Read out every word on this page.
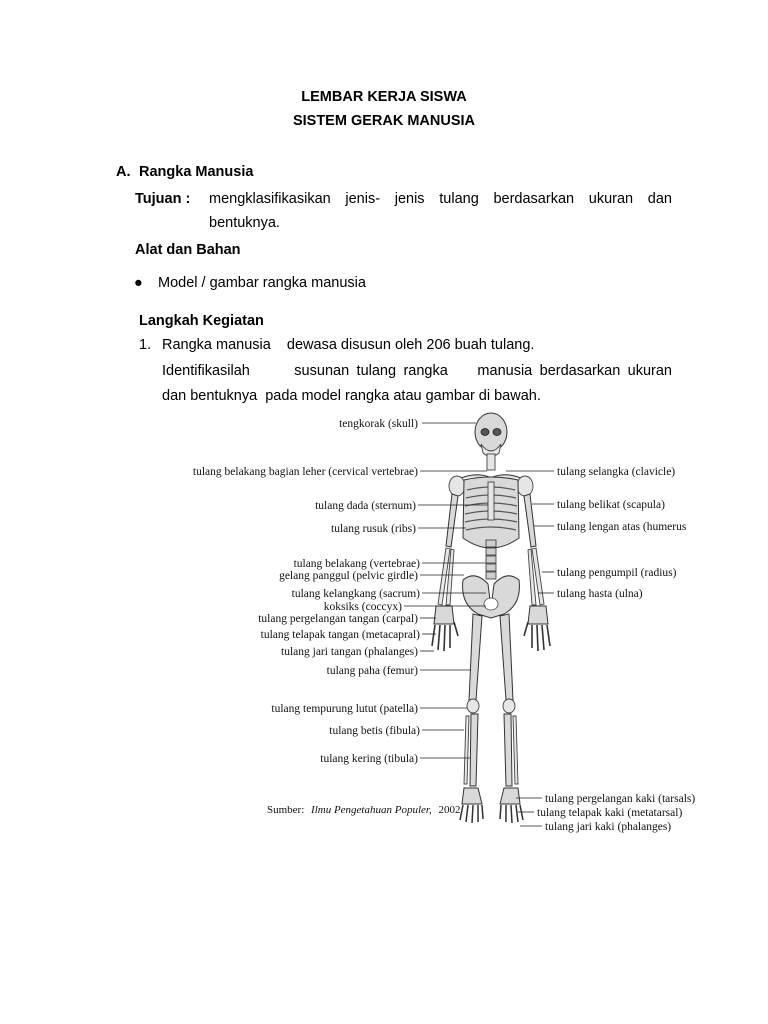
LEMBAR KERJA SISWA
SISTEM GERAK MANUSIA
A. Rangka Manusia
Tujuan : mengklasifikasikan jenis- jenis tulang berdasarkan ukuran dan
bentuknya.
Alat dan Bahan
● Model / gambar rangka manusia
Langkah Kegiatan
1. Rangka manusia    dewasa disusun oleh 206 buah tulang.
Identifikasilah      susunan tulang rangka    manusia berdasarkan ukuran
dan bentuknya  pada model rangka atau gambar di bawah.
tengkorak (skull)
tulang belakang bagian leher (cervical vertebrae)
tulang dada (sternum)
tulang rusuk (ribs)
tulang belakang (vertebrae)
gelang panggul (pelvic girdle)
tulang kelangkang (sacrum)
koksiks (coccyx)
tulang pergelangan tangan (carpal)
tulang telapak tangan (metacapral)
tulang jari tangan (phalanges)
tulang paha (femur)
tulang tempurung lutut (patella)
tulang betis (fibula)
tulang kering (tibula)
tulang selangka (clavicle)
tulang belikat (scapula)
tulang lengan atas (humerus
tulang pengumpil (radius)
tulang hasta (ulna)
tulang pergelangan kaki (tarsals)
tulang telapak kaki (metatarsal)
tulang jari kaki (phalanges)
Sumber: Ilmu Pengetahuan Populer, 2002
